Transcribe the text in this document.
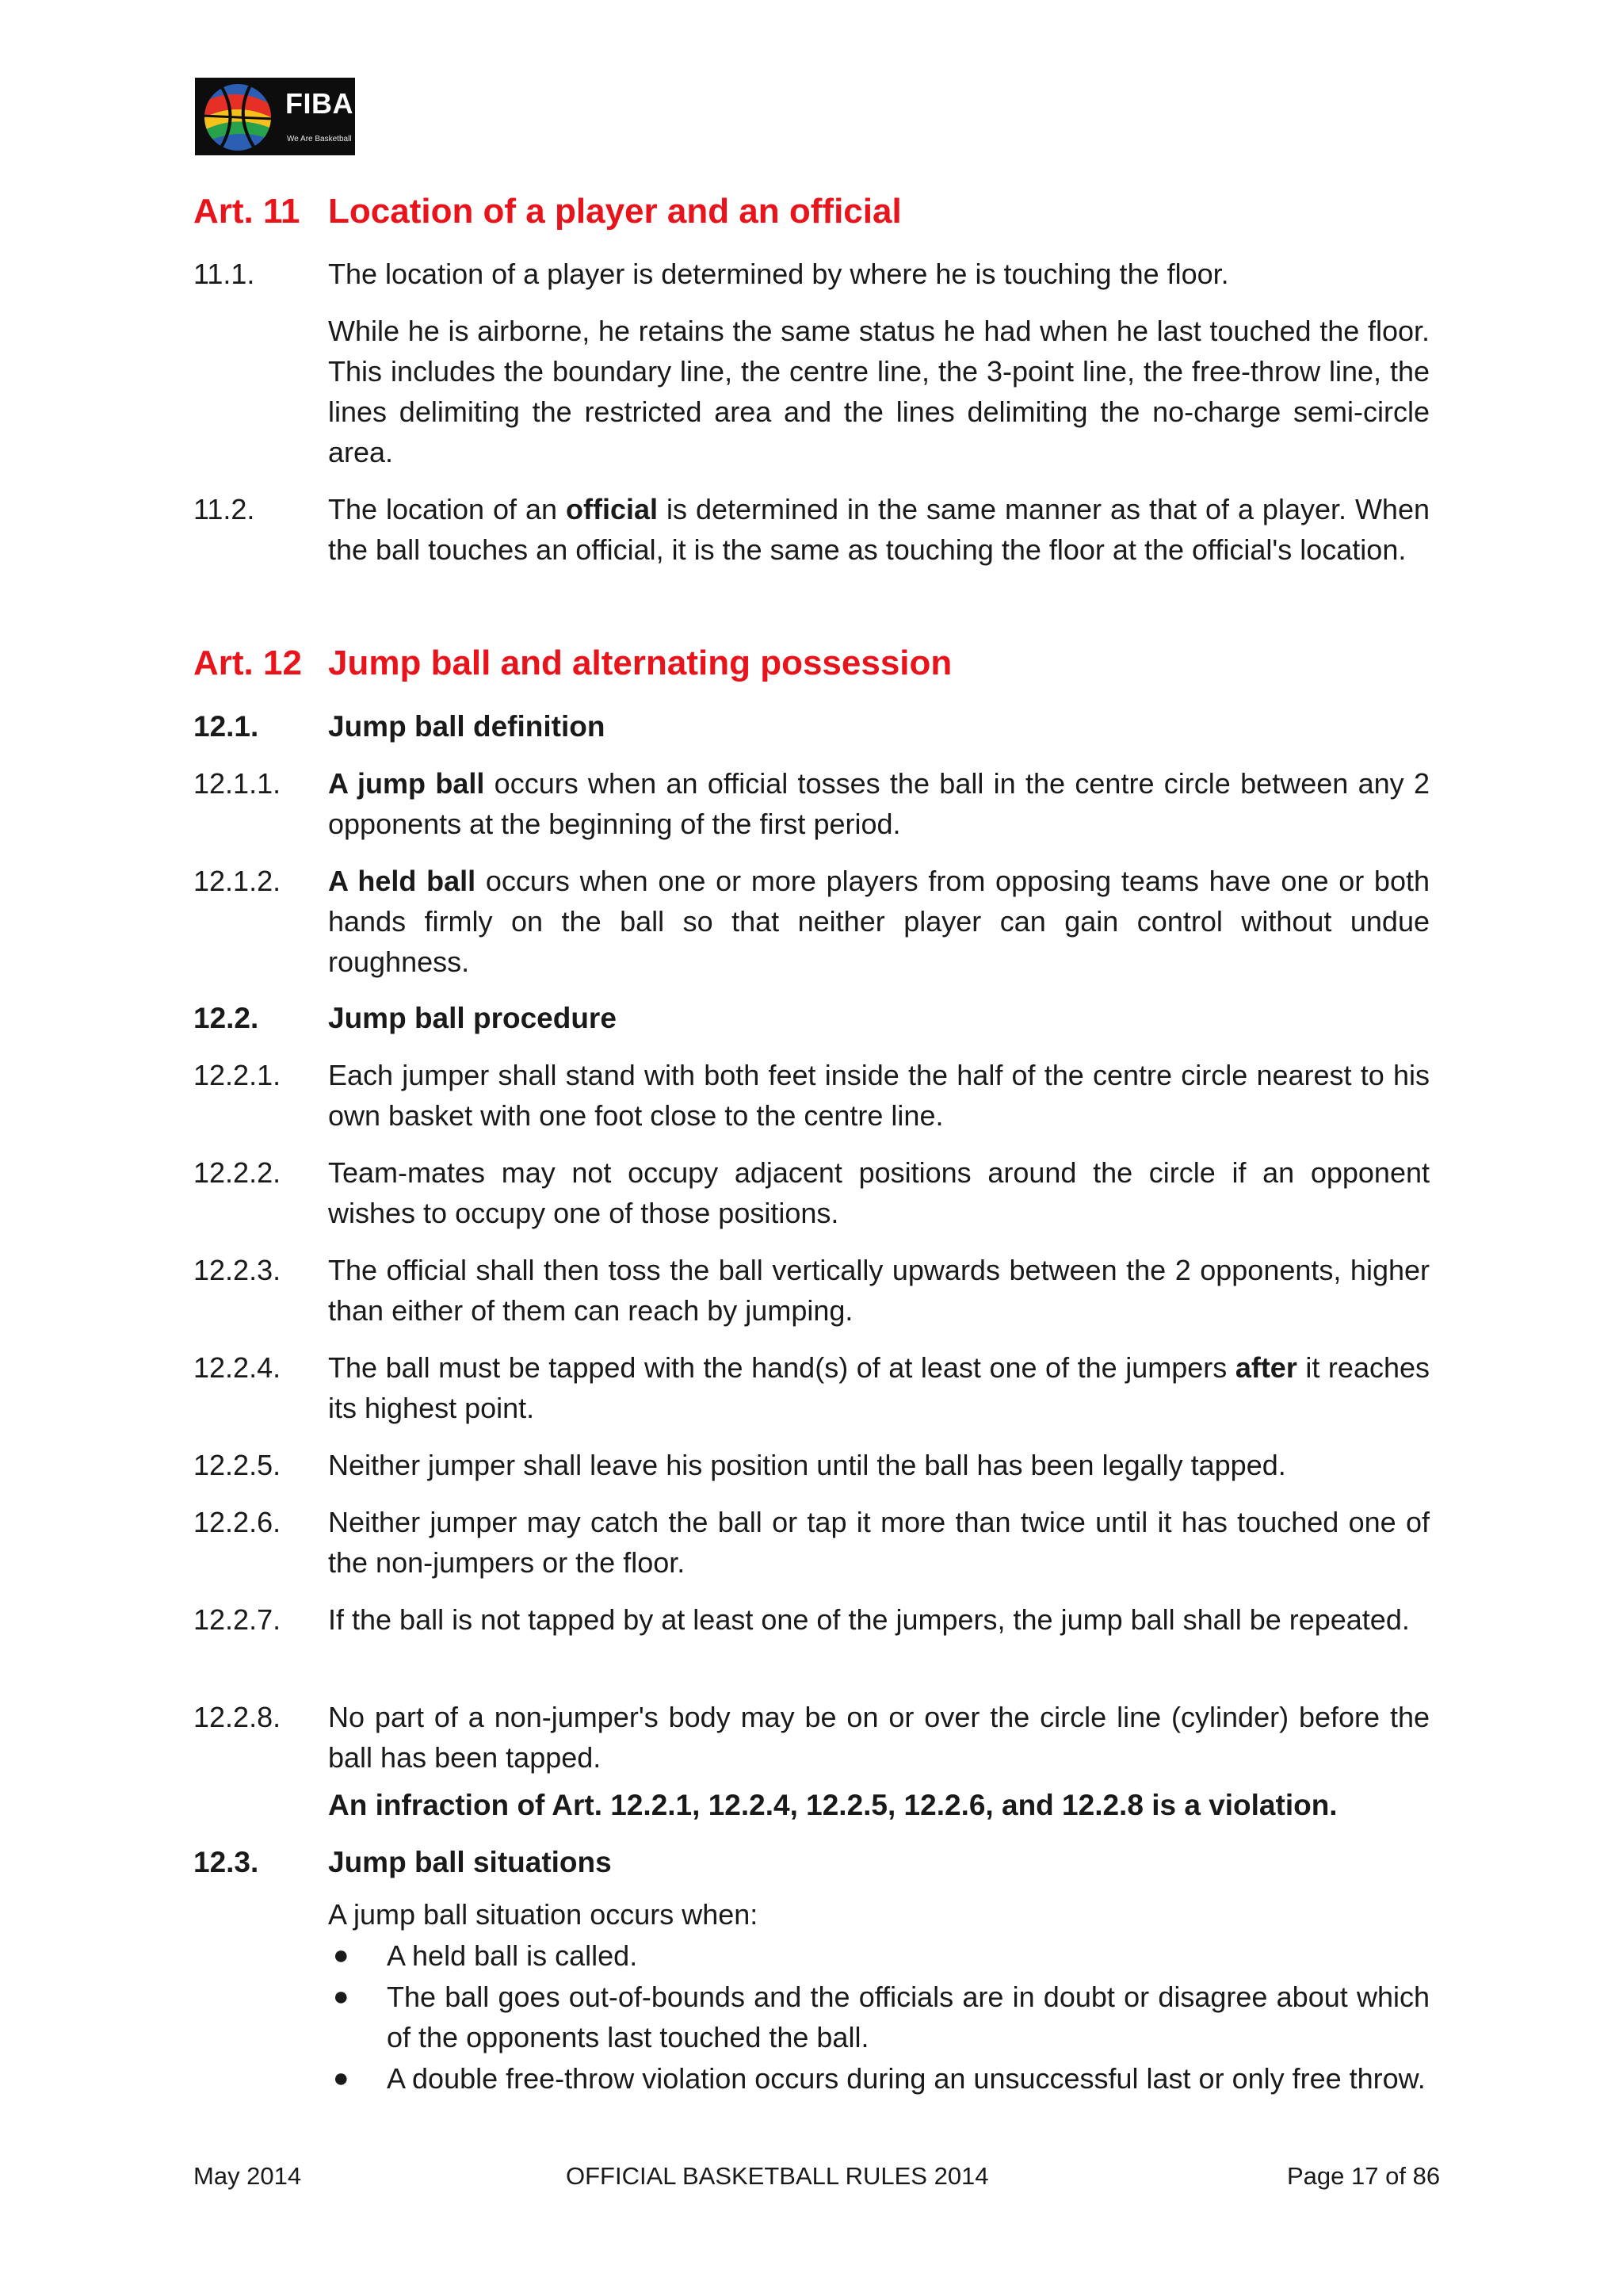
FIBA
We Are Basketball
Art. 11 Location of a player and an official
11.1.	The location of a player is determined by where he is touching the floor.
While he is airborne, he retains the same status he had when he last touched the floor. This includes the boundary line, the centre line, the 3-point line, the free-throw line, the lines delimiting the restricted area and the lines delimiting the no-charge semi-circle area.
11.2.	The location of an official is determined in the same manner as that of a player. When the ball touches an official, it is the same as touching the floor at the official's location.
Art. 12 Jump ball and alternating possession
12.1. Jump ball definition
12.1.1. A jump ball occurs when an official tosses the ball in the centre circle between any 2 opponents at the beginning of the first period.
12.1.2. A held ball occurs when one or more players from opposing teams have one or both hands firmly on the ball so that neither player can gain control without undue roughness.
12.2. Jump ball procedure
12.2.1. Each jumper shall stand with both feet inside the half of the centre circle nearest to his own basket with one foot close to the centre line.
12.2.2. Team-mates may not occupy adjacent positions around the circle if an opponent wishes to occupy one of those positions.
12.2.3. The official shall then toss the ball vertically upwards between the 2 opponents, higher than either of them can reach by jumping.
12.2.4. The ball must be tapped with the hand(s) of at least one of the jumpers after it reaches its highest point.
12.2.5. Neither jumper shall leave his position until the ball has been legally tapped.
12.2.6. Neither jumper may catch the ball or tap it more than twice until it has touched one of the non-jumpers or the floor.
12.2.7. If the ball is not tapped by at least one of the jumpers, the jump ball shall be repeated.
12.2.8. No part of a non-jumper's body may be on or over the circle line (cylinder) before the ball has been tapped.
An infraction of Art. 12.2.1, 12.2.4, 12.2.5, 12.2.6, and 12.2.8 is a violation.
12.3. Jump ball situations
A jump ball situation occurs when:
● A held ball is called.
● The ball goes out-of-bounds and the officials are in doubt or disagree about which of the opponents last touched the ball.
● A double free-throw violation occurs during an unsuccessful last or only free throw.
May 2014	OFFICIAL BASKETBALL RULES 2014	Page 17 of 86
